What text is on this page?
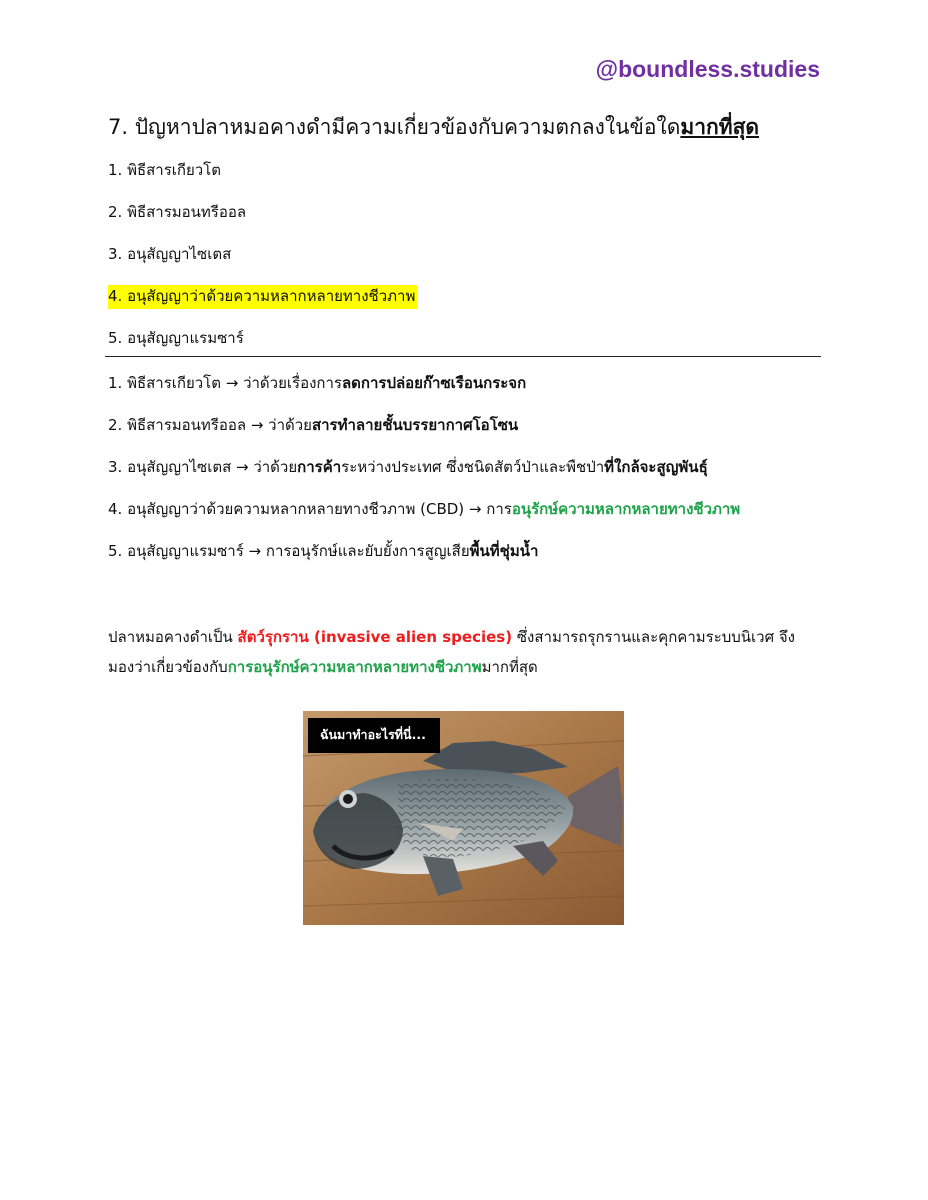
@boundless.studies
7. ปัญหาปลาหมอคางดำมีความเกี่ยวข้องกับความตกลงในข้อใดมากที่สุด
1. พิธีสารเกียวโต
2. พิธีสารมอนทรีออล
3. อนุสัญญาไซเตส
4. อนุสัญญาว่าด้วยความหลากหลายทางชีวภาพ
5. อนุสัญญาแรมซาร์
1. พิธีสารเกียวโต → ว่าด้วยเรื่องการลดการปล่อยก๊าซเรือนกระจก
2. พิธีสารมอนทรีออล → ว่าด้วยสารทำลายชั้นบรรยากาศโอโซน
3. อนุสัญญาไซเตส → ว่าด้วยการค้าระหว่างประเทศ ซึ่งชนิดสัตว์ป่าและพืชป่าที่ใกล้จะสูญพันธุ์
4. อนุสัญญาว่าด้วยความหลากหลายทางชีวภาพ (CBD) → การอนุรักษ์ความหลากหลายทางชีวภาพ
5. อนุสัญญาแรมซาร์ → การอนุรักษ์และยับยั้งการสูญเสียพื้นที่ชุ่มน้ำ
ปลาหมอคางดำเป็น สัตว์รุกราน (invasive alien species) ซึ่งสามารถรุกรานและคุกคามระบบนิเวศ จึงมองว่าเกี่ยวข้องกับการอนุรักษ์ความหลากหลายทางชีวภาพมากที่สุด
ฉันมาทำอะไรที่นี่...
